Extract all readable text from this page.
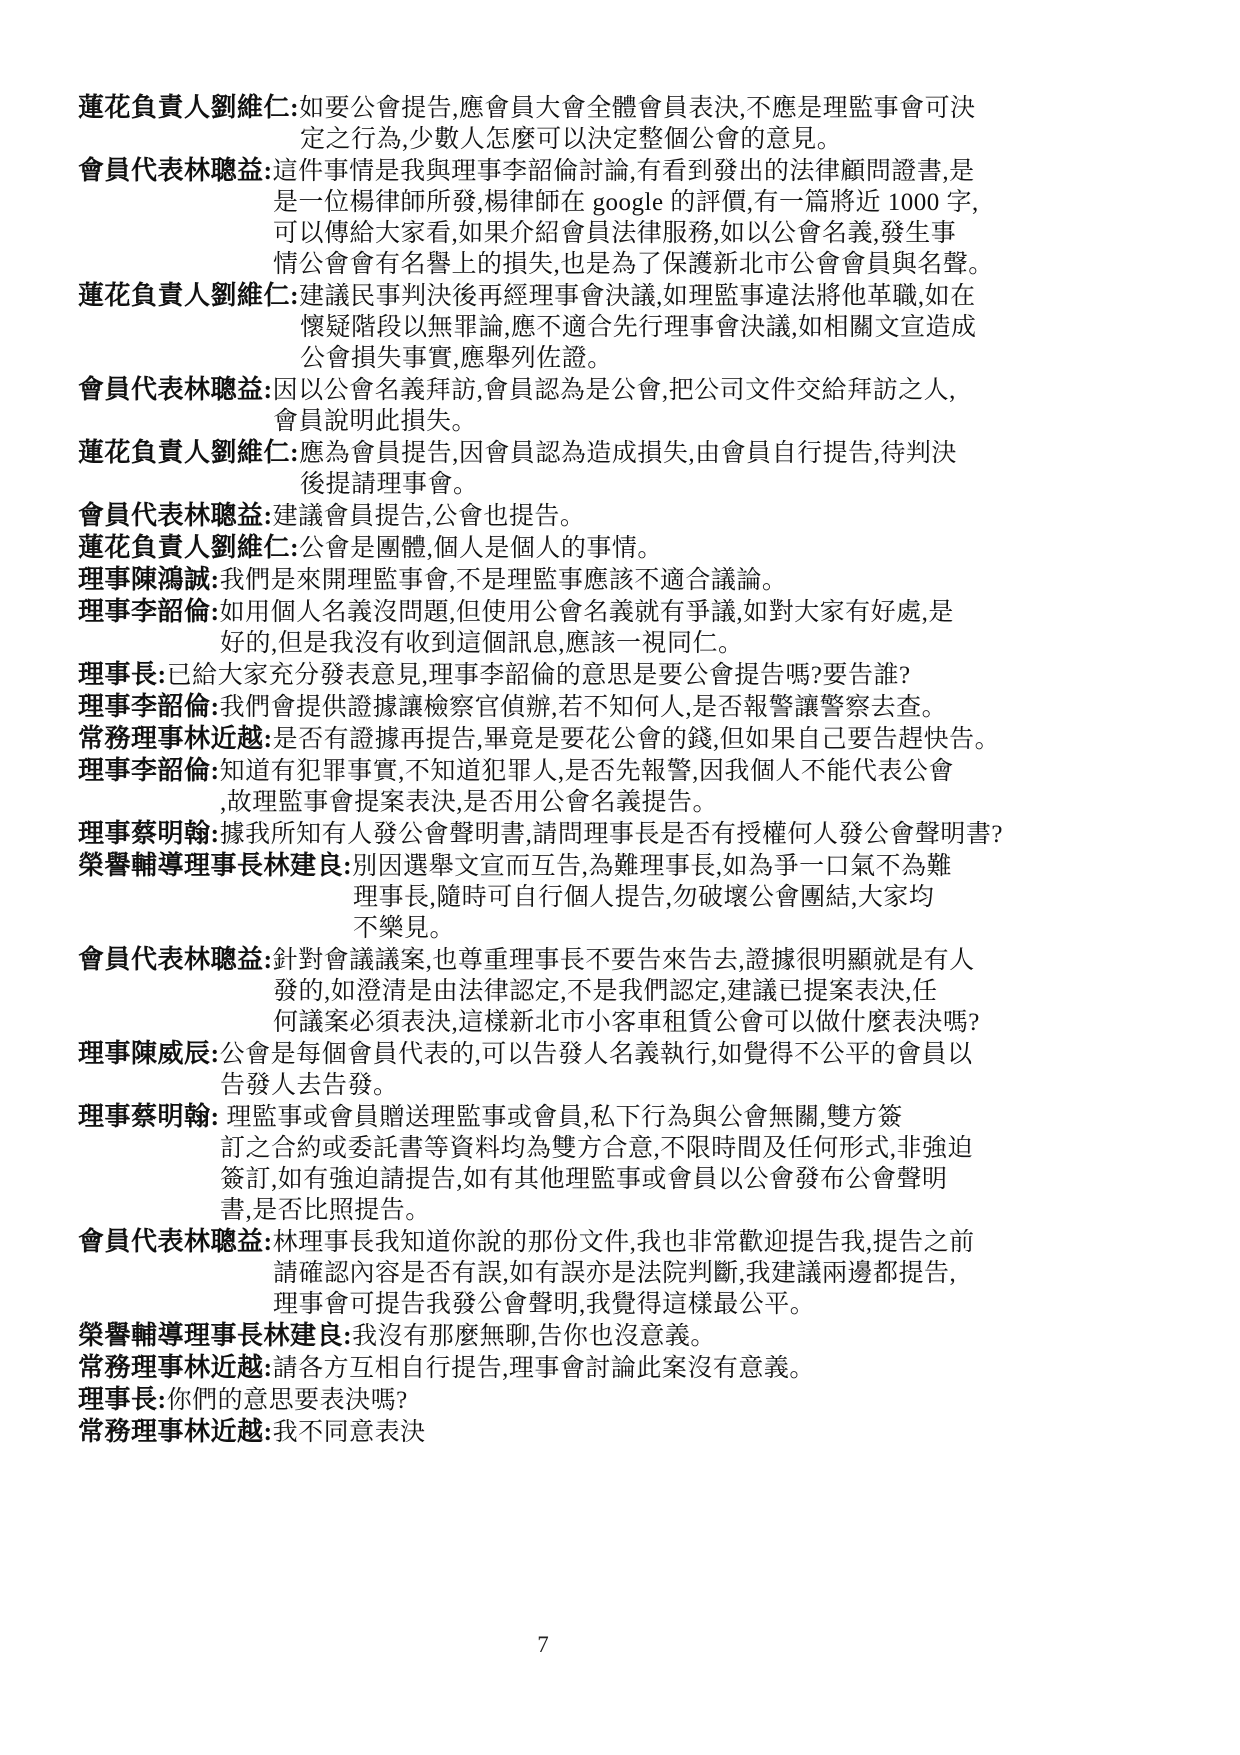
蓮花負責人劉維仁:如要公會提告,應會員大會全體會員表決,不應是理監事會可決
定之行為,少數人怎麼可以決定整個公會的意見。

會員代表林聰益:這件事情是我與理事李韶倫討論,有看到發出的法律顧問證書,是
是一位楊律師所發,楊律師在 google 的評價,有一篇將近 1000 字,
可以傳給大家看,如果介紹會員法律服務,如以公會名義,發生事
情公會會有名譽上的損失,也是為了保護新北市公會會員與名聲。

蓮花負責人劉維仁:建議民事判決後再經理事會決議,如理監事違法將他革職,如在
懷疑階段以無罪論,應不適合先行理事會決議,如相關文宣造成
公會損失事實,應舉列佐證。

會員代表林聰益:因以公會名義拜訪,會員認為是公會,把公司文件交給拜訪之人,
會員說明此損失。

蓮花負責人劉維仁:應為會員提告,因會員認為造成損失,由會員自行提告,待判決
後提請理事會。

會員代表林聰益:建議會員提告,公會也提告。

蓮花負責人劉維仁:公會是團體,個人是個人的事情。

理事陳鴻誠:我們是來開理監事會,不是理監事應該不適合議論。

理事李韶倫:如用個人名義沒問題,但使用公會名義就有爭議,如對大家有好處,是
好的,但是我沒有收到這個訊息,應該一視同仁。

理事長:已給大家充分發表意見,理事李韶倫的意思是要公會提告嗎?要告誰?

理事李韶倫:我們會提供證據讓檢察官偵辦,若不知何人,是否報警讓警察去查。

常務理事林近越:是否有證據再提告,畢竟是要花公會的錢,但如果自己要告趕快告。

理事李韶倫:知道有犯罪事實,不知道犯罪人,是否先報警,因我個人不能代表公會
,故理監事會提案表決,是否用公會名義提告。

理事蔡明翰:據我所知有人發公會聲明書,請問理事長是否有授權何人發公會聲明書?

榮譽輔導理事長林建良:別因選舉文宣而互告,為難理事長,如為爭一口氣不為難
理事長,隨時可自行個人提告,勿破壞公會團結,大家均
不樂見。

會員代表林聰益:針對會議議案,也尊重理事長不要告來告去,證據很明顯就是有人
發的,如澄清是由法律認定,不是我們認定,建議已提案表決,任
何議案必須表決,這樣新北市小客車租賃公會可以做什麼表決嗎?

理事陳威辰:公會是每個會員代表的,可以告發人名義執行,如覺得不公平的會員以
告發人去告發。

理事蔡明翰: 理監事或會員贈送理監事或會員,私下行為與公會無關,雙方簽
訂之合約或委託書等資料均為雙方合意,不限時間及任何形式,非強迫
簽訂,如有強迫請提告,如有其他理監事或會員以公會發布公會聲明
書,是否比照提告。

會員代表林聰益:林理事長我知道你說的那份文件,我也非常歡迎提告我,提告之前
請確認內容是否有誤,如有誤亦是法院判斷,我建議兩邊都提告,
理事會可提告我發公會聲明,我覺得這樣最公平。

榮譽輔導理事長林建良:我沒有那麼無聊,告你也沒意義。

常務理事林近越:請各方互相自行提告,理事會討論此案沒有意義。

理事長:你們的意思要表決嗎?

常務理事林近越:我不同意表決

7
